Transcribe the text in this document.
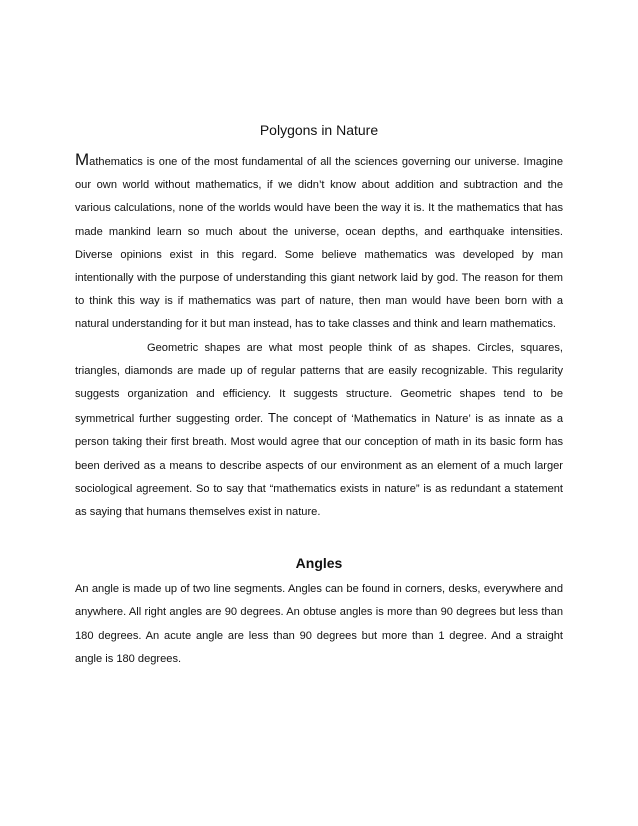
Polygons in Nature

Mathematics is one of the most fundamental of all the sciences governing our universe. Imagine our own world without mathematics, if we didn’t know about addition and subtraction and the various calculations, none of the worlds would have been the way it is. It the mathematics that has made mankind learn so much about the universe, ocean depths, and earthquake intensities. Diverse opinions exist in this regard. Some believe mathematics was developed by man intentionally with the purpose of understanding this giant network laid by god. The reason for them to think this way is if mathematics was part of nature, then man would have been born with a natural understanding for it but man instead, has to take classes and think and learn mathematics.

Geometric shapes are what most people think of as shapes. Circles, squares, triangles, diamonds are made up of regular patterns that are easily recognizable. This regularity suggests organization and efficiency. It suggests structure. Geometric shapes tend to be symmetrical further suggesting order. The concept of ‘Mathematics in Nature’ is as innate as a person taking their first breath. Most would agree that our conception of math in its basic form has been derived as a means to describe aspects of our environment as an element of a much larger sociological agreement. So to say that “mathematics exists in nature” is as redundant a statement as saying that humans themselves exist in nature.

Angles

An angle is made up of two line segments. Angles can be found in corners, desks, everywhere and anywhere. All right angles are 90 degrees. An obtuse angles is more than 90 degrees but less than 180 degrees. An acute angle are less than 90 degrees but more than 1 degree. And a straight angle is 180 degrees.
